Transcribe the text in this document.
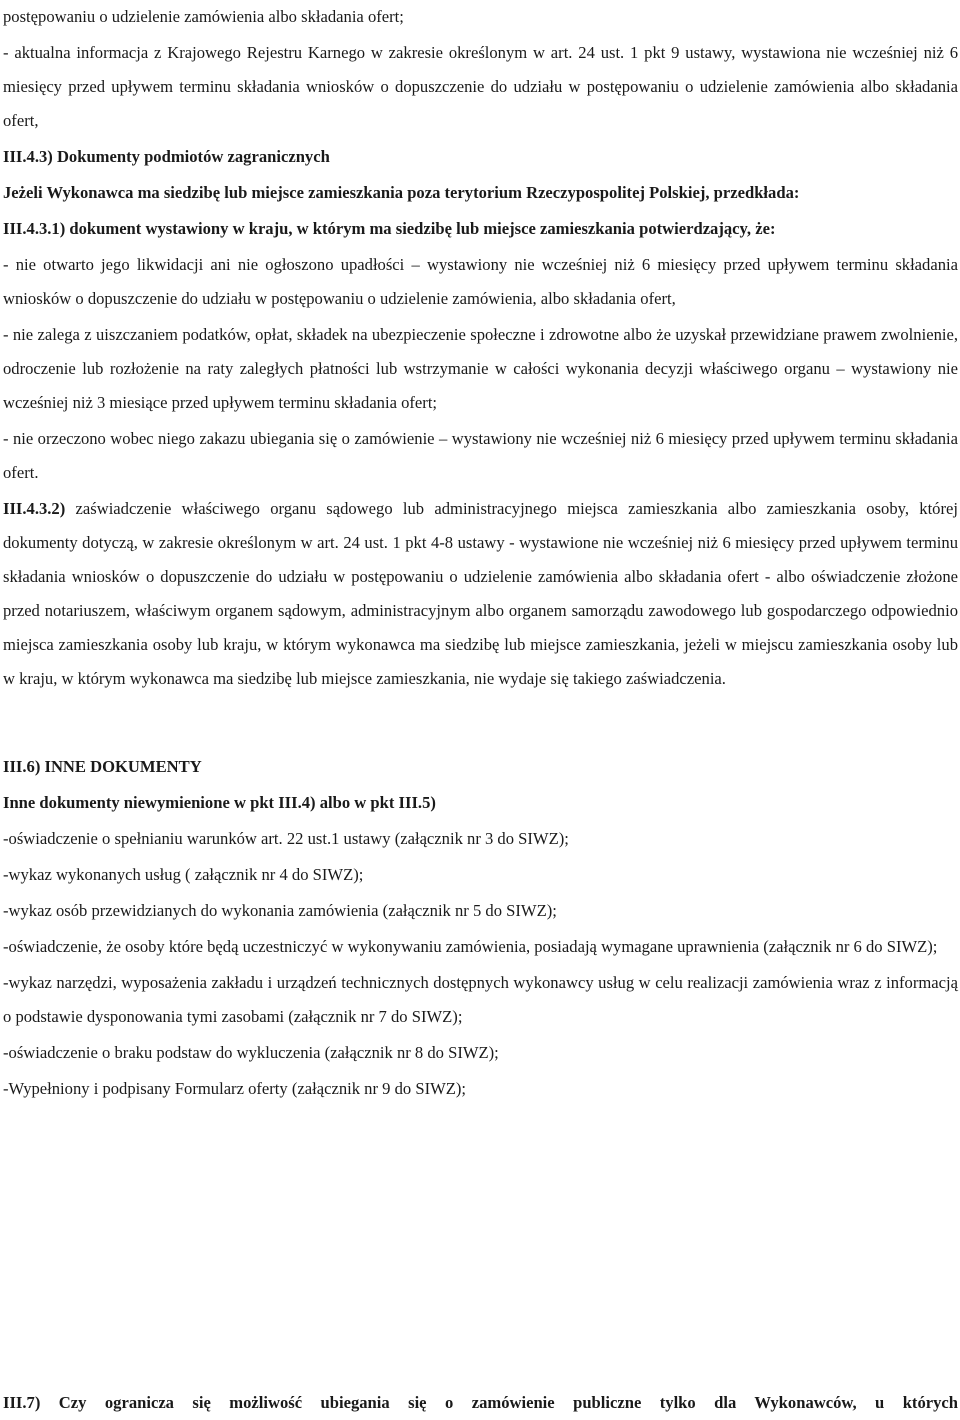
postępowaniu o udzielenie zamówienia albo składania ofert;

- aktualna informacja z Krajowego Rejestru Karnego w zakresie określonym w art. 24 ust. 1 pkt 9 ustawy, wystawiona nie wcześniej niż 6 miesięcy przed upływem terminu składania wniosków o dopuszczenie do udziału w postępowaniu o udzielenie zamówienia albo składania ofert,

III.4.3) Dokumenty podmiotów zagranicznych

Jeżeli Wykonawca ma siedzibę lub miejsce zamieszkania poza terytorium Rzeczypospolitej Polskiej, przedkłada:

III.4.3.1) dokument wystawiony w kraju, w którym ma siedzibę lub miejsce zamieszkania potwierdzający, że:

- nie otwarto jego likwidacji ani nie ogłoszono upadłości – wystawiony nie wcześniej niż 6 miesięcy przed upływem terminu składania wniosków o dopuszczenie do udziału w postępowaniu o udzielenie zamówienia, albo składania ofert,

- nie zalega z uiszczaniem podatków, opłat, składek na ubezpieczenie społeczne i zdrowotne albo że uzyskał przewidziane prawem zwolnienie, odroczenie lub rozłożenie na raty zaległych płatności lub wstrzymanie w całości wykonania decyzji właściwego organu – wystawiony nie wcześniej niż 3 miesiące przed upływem terminu składania ofert;

- nie orzeczono wobec niego zakazu ubiegania się o zamówienie – wystawiony nie wcześniej niż 6 miesięcy przed upływem terminu składania ofert.

III.4.3.2) zaświadczenie właściwego organu sądowego lub administracyjnego miejsca zamieszkania albo zamieszkania osoby, której dokumenty dotyczą, w zakresie określonym w art. 24 ust. 1 pkt 4-8 ustawy - wystawione nie wcześniej niż 6 miesięcy przed upływem terminu składania wniosków o dopuszczenie do udziału w postępowaniu o udzielenie zamówienia albo składania ofert - albo oświadczenie złożone przed notariuszem, właściwym organem sądowym, administracyjnym albo organem samorządu zawodowego lub gospodarczego odpowiednio miejsca zamieszkania osoby lub kraju, w którym wykonawca ma siedzibę lub miejsce zamieszkania, jeżeli w miejscu zamieszkania osoby lub w kraju, w którym wykonawca ma siedzibę lub miejsce zamieszkania, nie wydaje się takiego zaświadczenia.

III.6) INNE DOKUMENTY

Inne dokumenty niewymienione w pkt III.4) albo w pkt III.5)

-oświadczenie o spełnianiu warunków art. 22 ust.1 ustawy (załącznik nr 3 do SIWZ);

-wykaz wykonanych usług ( załącznik nr 4 do SIWZ);

-wykaz osób przewidzianych do wykonania zamówienia (załącznik nr 5 do SIWZ);

-oświadczenie, że osoby które będą uczestniczyć w wykonywaniu zamówienia, posiadają wymagane uprawnienia (załącznik nr 6 do SIWZ);

-wykaz narzędzi, wyposażenia zakładu i urządzeń technicznych dostępnych wykonawcy usług w celu realizacji zamówienia wraz z informacją o podstawie dysponowania tymi zasobami (załącznik nr 7 do SIWZ);

-oświadczenie o braku podstaw do wykluczenia (załącznik nr 8 do SIWZ);

-Wypełniony i podpisany Formularz oferty (załącznik nr 9 do SIWZ);

III.7) Czy ogranicza się możliwość ubiegania się o zamówienie publiczne tylko dla Wykonawców, u których
